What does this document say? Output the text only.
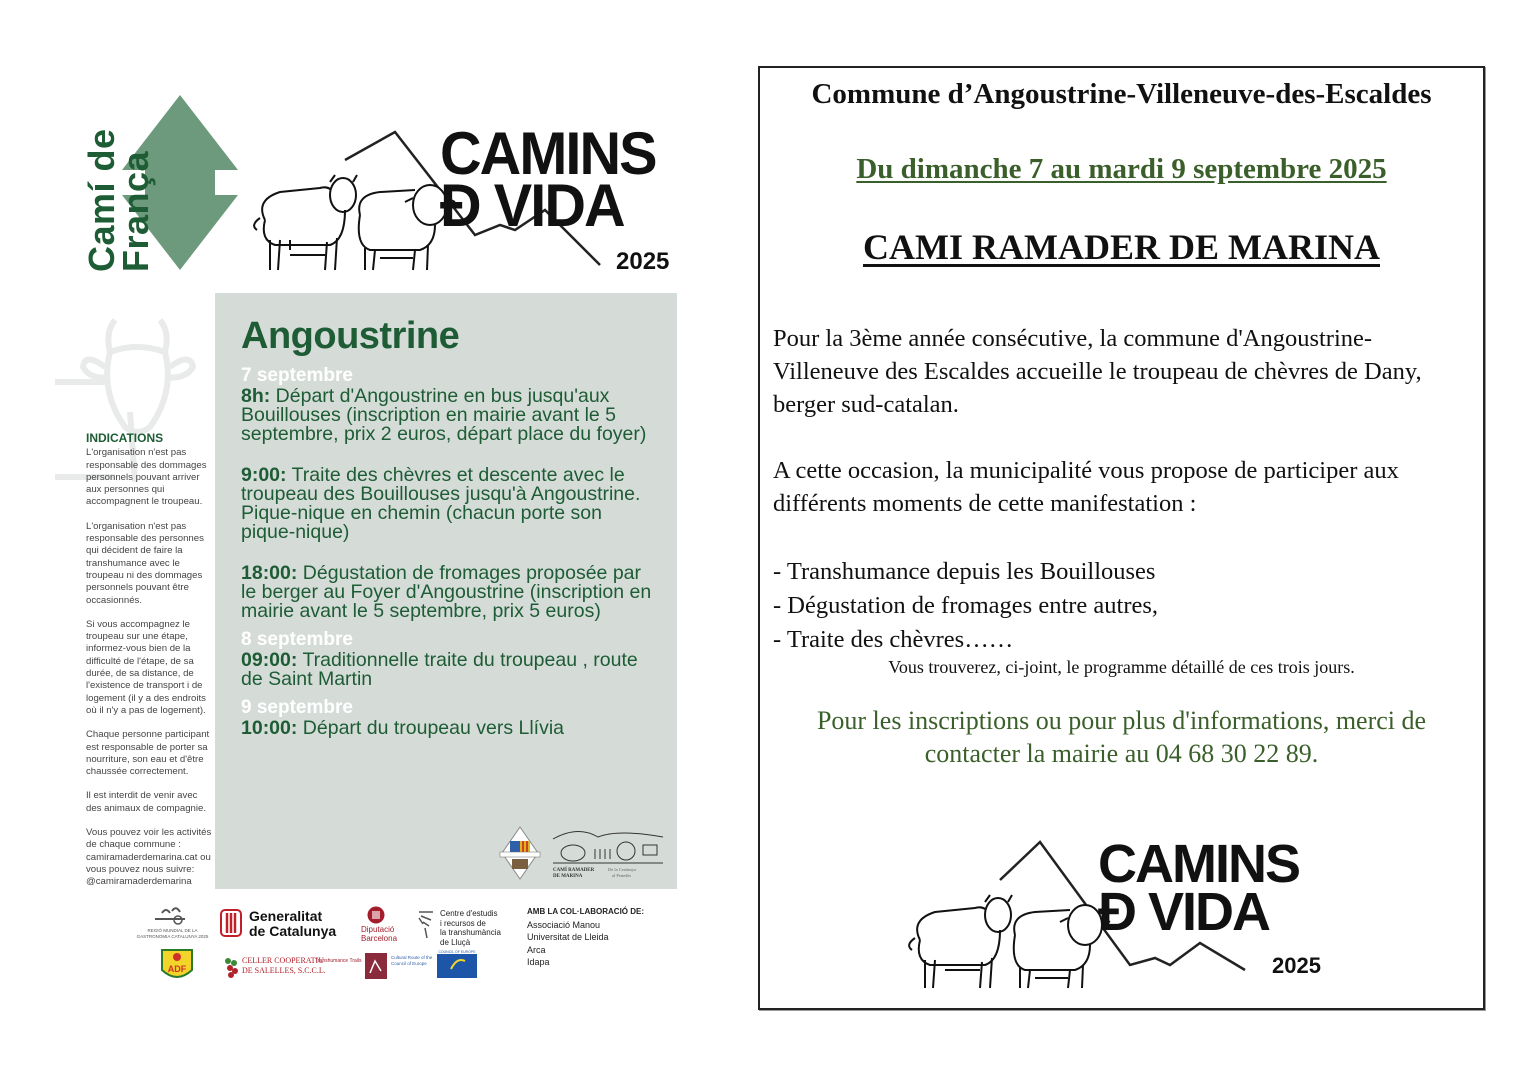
Camí de
França	CAMINS
Đ VIDA
2025
INDICATIONS

L'organisation n'est pas responsable des dommages personnels pouvant arriver aux personnes qui accompagnent le troupeau.

L'organisation n'est pas responsable des personnes qui décident de faire la transhumance avec le troupeau ni des dommages personnels pouvant être occasionnés.

Si vous accompagnez le troupeau sur une étape, informez-vous bien de la difficulté de l'étape, de sa durée, de sa distance, de l'existence de transport i de logement (il y a des endroits où il n'y a pas de logement).

Chaque personne participant est responsable de porter sa nourriture, son eau et d'être chaussée correctement.

Il est interdit de venir avec des animaux de compagnie.

Vous pouvez voir les activités de chaque commune : camiramaderdemarina.cat ou vous pouvez nous suivre: @camiramaderdemarina

Angoustrine
7 septembre
8h: Départ d'Angoustrine en bus jusqu'aux Bouillouses (inscription en mairie avant le 5 septembre, prix 2 euros, départ place du foyer)
9:00: Traite des chèvres et descente avec le troupeau des Bouillouses jusqu'à Angoustrine. Pique-nique en chemin (chacun porte son pique-nique)
18:00: Dégustation de fromages proposée par le berger au Foyer d'Angoustrine (inscription en mairie avant le 5 septembre, prix 5 euros)
8 septembre
09:00: Traditionnelle traite du troupeau , route de Saint Martin
9 septembre
10:00: Départ du troupeau vers Llívia
CAMÍ RAMADER
DE MARINA
De la Cerdanya
al Penedès
REGIÓ MUNDIAL DE LA GASTRONOMIA CATALUNYA 2025
Generalitat
de Catalunya	Diputació
Barcelona
Centre d'estudis
i recursos de
la transhumància
de Lluçà
AMB LA COL·LABORACIÓ DE:
Associació Manou
Universitat de Lleida
Arca
Idapa
ADF
CELLER COOPERATIU
DE SALELLES, S.C.C.L.
Transhumance Trails
Cultural Route of the Council of Europe
COUNCIL OF EUROPE
Commune d’Angoustrine-Villeneuve-des-Escaldes
Du dimanche 7 au mardi 9 septembre 2025
CAMI RAMADER DE MARINA

Pour la 3ème année consécutive, la commune d'Angoustrine-Villeneuve des Escaldes accueille le troupeau de chèvres de Dany, berger sud-catalan.

A cette occasion, la municipalité vous propose de participer aux différents moments de cette manifestation :

- Transhumance depuis les Bouillouses
- Dégustation de fromages entre autres,
- Traite des chèvres……
Vous trouverez, ci-joint, le programme détaillé de ces trois jours.
Pour les inscriptions ou pour plus d'informations, merci de
contacter la mairie au 04 68 30 22 89.
CAMINS
Đ VIDA
2025
